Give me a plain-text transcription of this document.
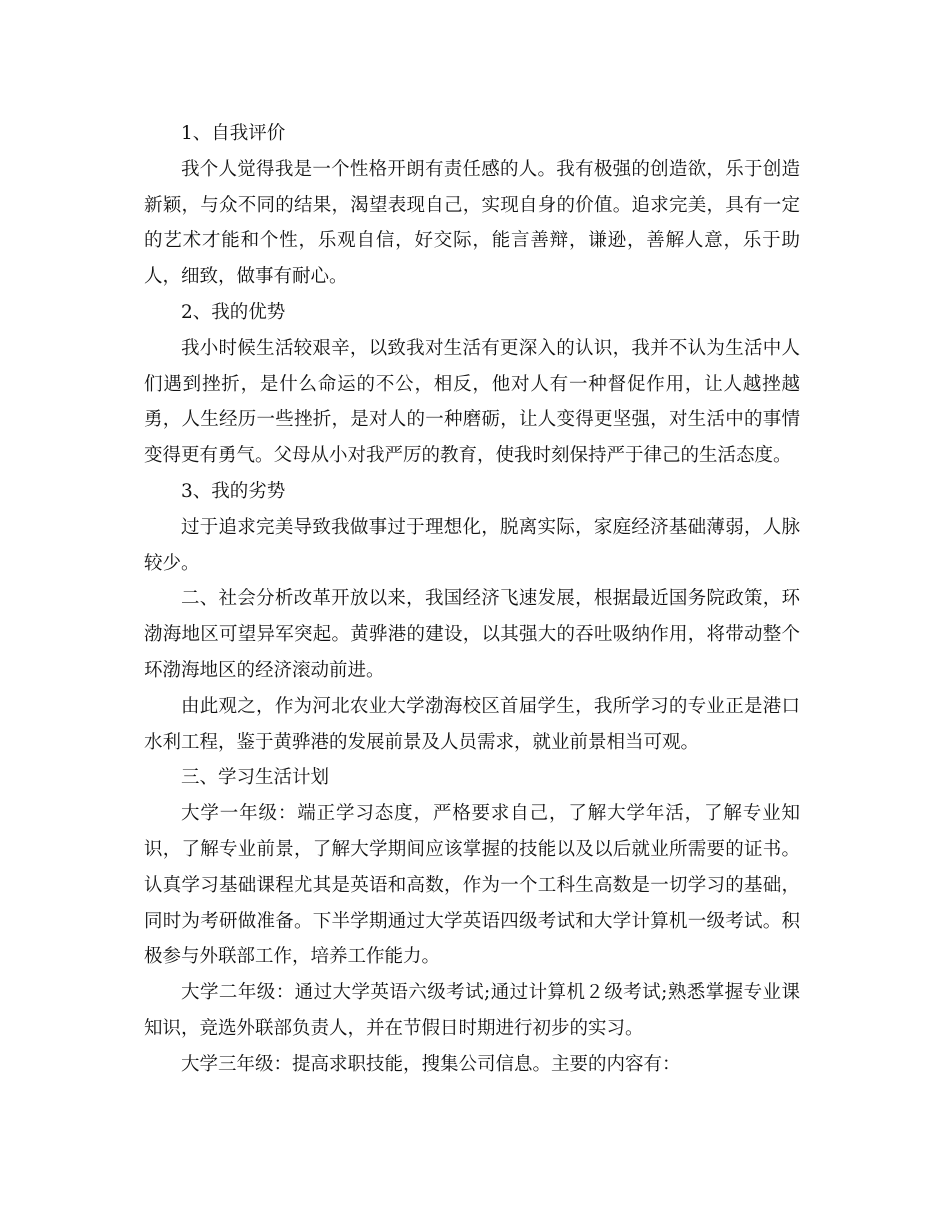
1、自我评价

我个人觉得我是一个性格开朗有责任感的人。我有极强的创造欲，乐于创造新颖，与众不同的结果，渴望表现自己，实现自身的价值。追求完美，具有一定的艺术才能和个性，乐观自信，好交际，能言善辩，谦逊，善解人意，乐于助人，细致，做事有耐心。

2、我的优势

我小时候生活较艰辛，以致我对生活有更深入的认识，我并不认为生活中人们遇到挫折，是什么命运的不公，相反，他对人有一种督促作用，让人越挫越勇，人生经历一些挫折，是对人的一种磨砺，让人变得更坚强，对生活中的事情变得更有勇气。父母从小对我严厉的教育，使我时刻保持严于律己的生活态度。

3、我的劣势

过于追求完美导致我做事过于理想化，脱离实际，家庭经济基础薄弱，人脉较少。

二、社会分析改革开放以来，我国经济飞速发展，根据最近国务院政策，环渤海地区可望异军突起。黄骅港的建设，以其强大的吞吐吸纳作用，将带动整个环渤海地区的经济滚动前进。

由此观之，作为河北农业大学渤海校区首届学生，我所学习的专业正是港口水利工程，鉴于黄骅港的发展前景及人员需求，就业前景相当可观。

三、学习生活计划

大学一年级：端正学习态度，严格要求自己，了解大学年活，了解专业知识，了解专业前景，了解大学期间应该掌握的技能以及以后就业所需要的证书。认真学习基础课程尤其是英语和高数，作为一个工科生高数是一切学习的基础，同时为考研做准备。下半学期通过大学英语四级考试和大学计算机一级考试。积极参与外联部工作，培养工作能力。

大学二年级：通过大学英语六级考试;通过计算机２级考试;熟悉掌握专业课知识，竞选外联部负责人，并在节假日时期进行初步的实习。

大学三年级：提高求职技能，搜集公司信息。主要的内容有：
